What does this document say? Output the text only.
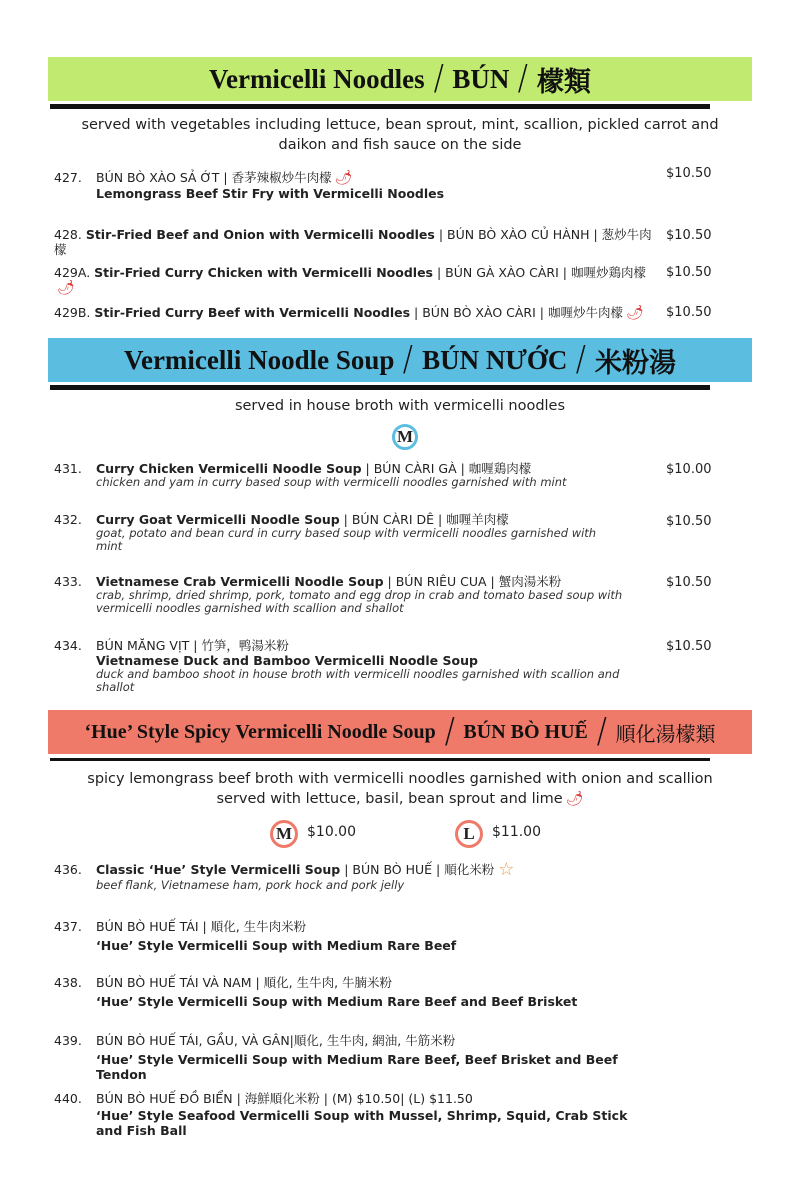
Vermicelli Noodles / BÚN / 檬類
served with vegetables including lettuce, bean sprout, mint, scallion, pickled carrot and
daikon and fish sauce on the side
427. BÚN BÒ XÀO SẢ ỚT | 香茅辣椒炒牛肉檬 🌶
Lemongrass Beef Stir Fry with Vermicelli Noodles
$10.50
428. Stir-Fried Beef and Onion with Vermicelli Noodles | BÚN BÒ XÀO CỦ HÀNH | 葱炒牛肉檬
$10.50
429A. Stir-Fried Curry Chicken with Vermicelli Noodles | BÚN GÀ XÀO CÀRI | 咖喱炒鶏肉檬🌶
$10.50
429B. Stir-Fried Curry Beef with Vermicelli Noodles | BÚN BÒ XÀO CÀRI | 咖喱炒牛肉檬 🌶	$10.50
Vermicelli Noodle Soup / BÚN NƯỚC / 米粉湯
served in house broth with vermicelli noodles
M
431. Curry Chicken Vermicelli Noodle Soup | BÚN CÀRI GÀ | 咖喱鶏肉檬
chicken and yam in curry based soup with vermicelli noodles garnished with mint
$10.00
432. Curry Goat Vermicelli Noodle Soup | BÚN CÀRI DÊ | 咖喱羊肉檬
goat, potato and bean curd in curry based soup with vermicelli noodles garnished with mint
$10.50
433. Vietnamese Crab Vermicelli Noodle Soup | BÚN RIÊU CUA | 蟹肉湯米粉
crab, shrimp, dried shrimp, pork, tomato and egg drop in crab and tomato based soup with vermicelli noodles garnished with scallion and shallot
$10.50
434. BÚN MĂNG VỊT | 竹笋，鸭湯米粉
Vietnamese Duck and Bamboo Vermicelli Noodle Soup
duck and bamboo shoot in house broth with vermicelli noodles garnished with scallion and shallot
$10.50
‘Hue’ Style Spicy Vermicelli Noodle Soup / BÚN BÒ HUẾ / 順化湯檬類
spicy lemongrass beef broth with vermicelli noodles garnished with onion and scallion
served with lettuce, basil, bean sprout and lime 🌶
M $10.00	L $11.00
436. Classic ‘Hue’ Style Vermicelli Soup | BÚN BÒ HUẾ | 順化米粉 ☆
beef flank, Vietnamese ham, pork hock and pork jelly
437. BÚN BÒ HUẾ TÁI | 順化, 生牛肉米粉
‘Hue’ Style Vermicelli Soup with Medium Rare Beef
438. BÚN BÒ HUẾ TÁI VÀ NAM | 順化, 生牛肉, 牛腩米粉
‘Hue’ Style Vermicelli Soup with Medium Rare Beef and Beef Brisket
439. BÚN BÒ HUẾ TÁI, GẦU, VÀ GÂN|順化, 生牛肉, 網油, 牛筋米粉
‘Hue’ Style Vermicelli Soup with Medium Rare Beef, Beef Brisket and Beef Tendon
440. BÚN BÒ HUẾ ĐỒ BIỂN | 海鮮順化米粉 | (M) $10.50| (L) $11.50
‘Hue’ Style Seafood Vermicelli Soup with Mussel, Shrimp, Squid, Crab Stick and Fish Ball
